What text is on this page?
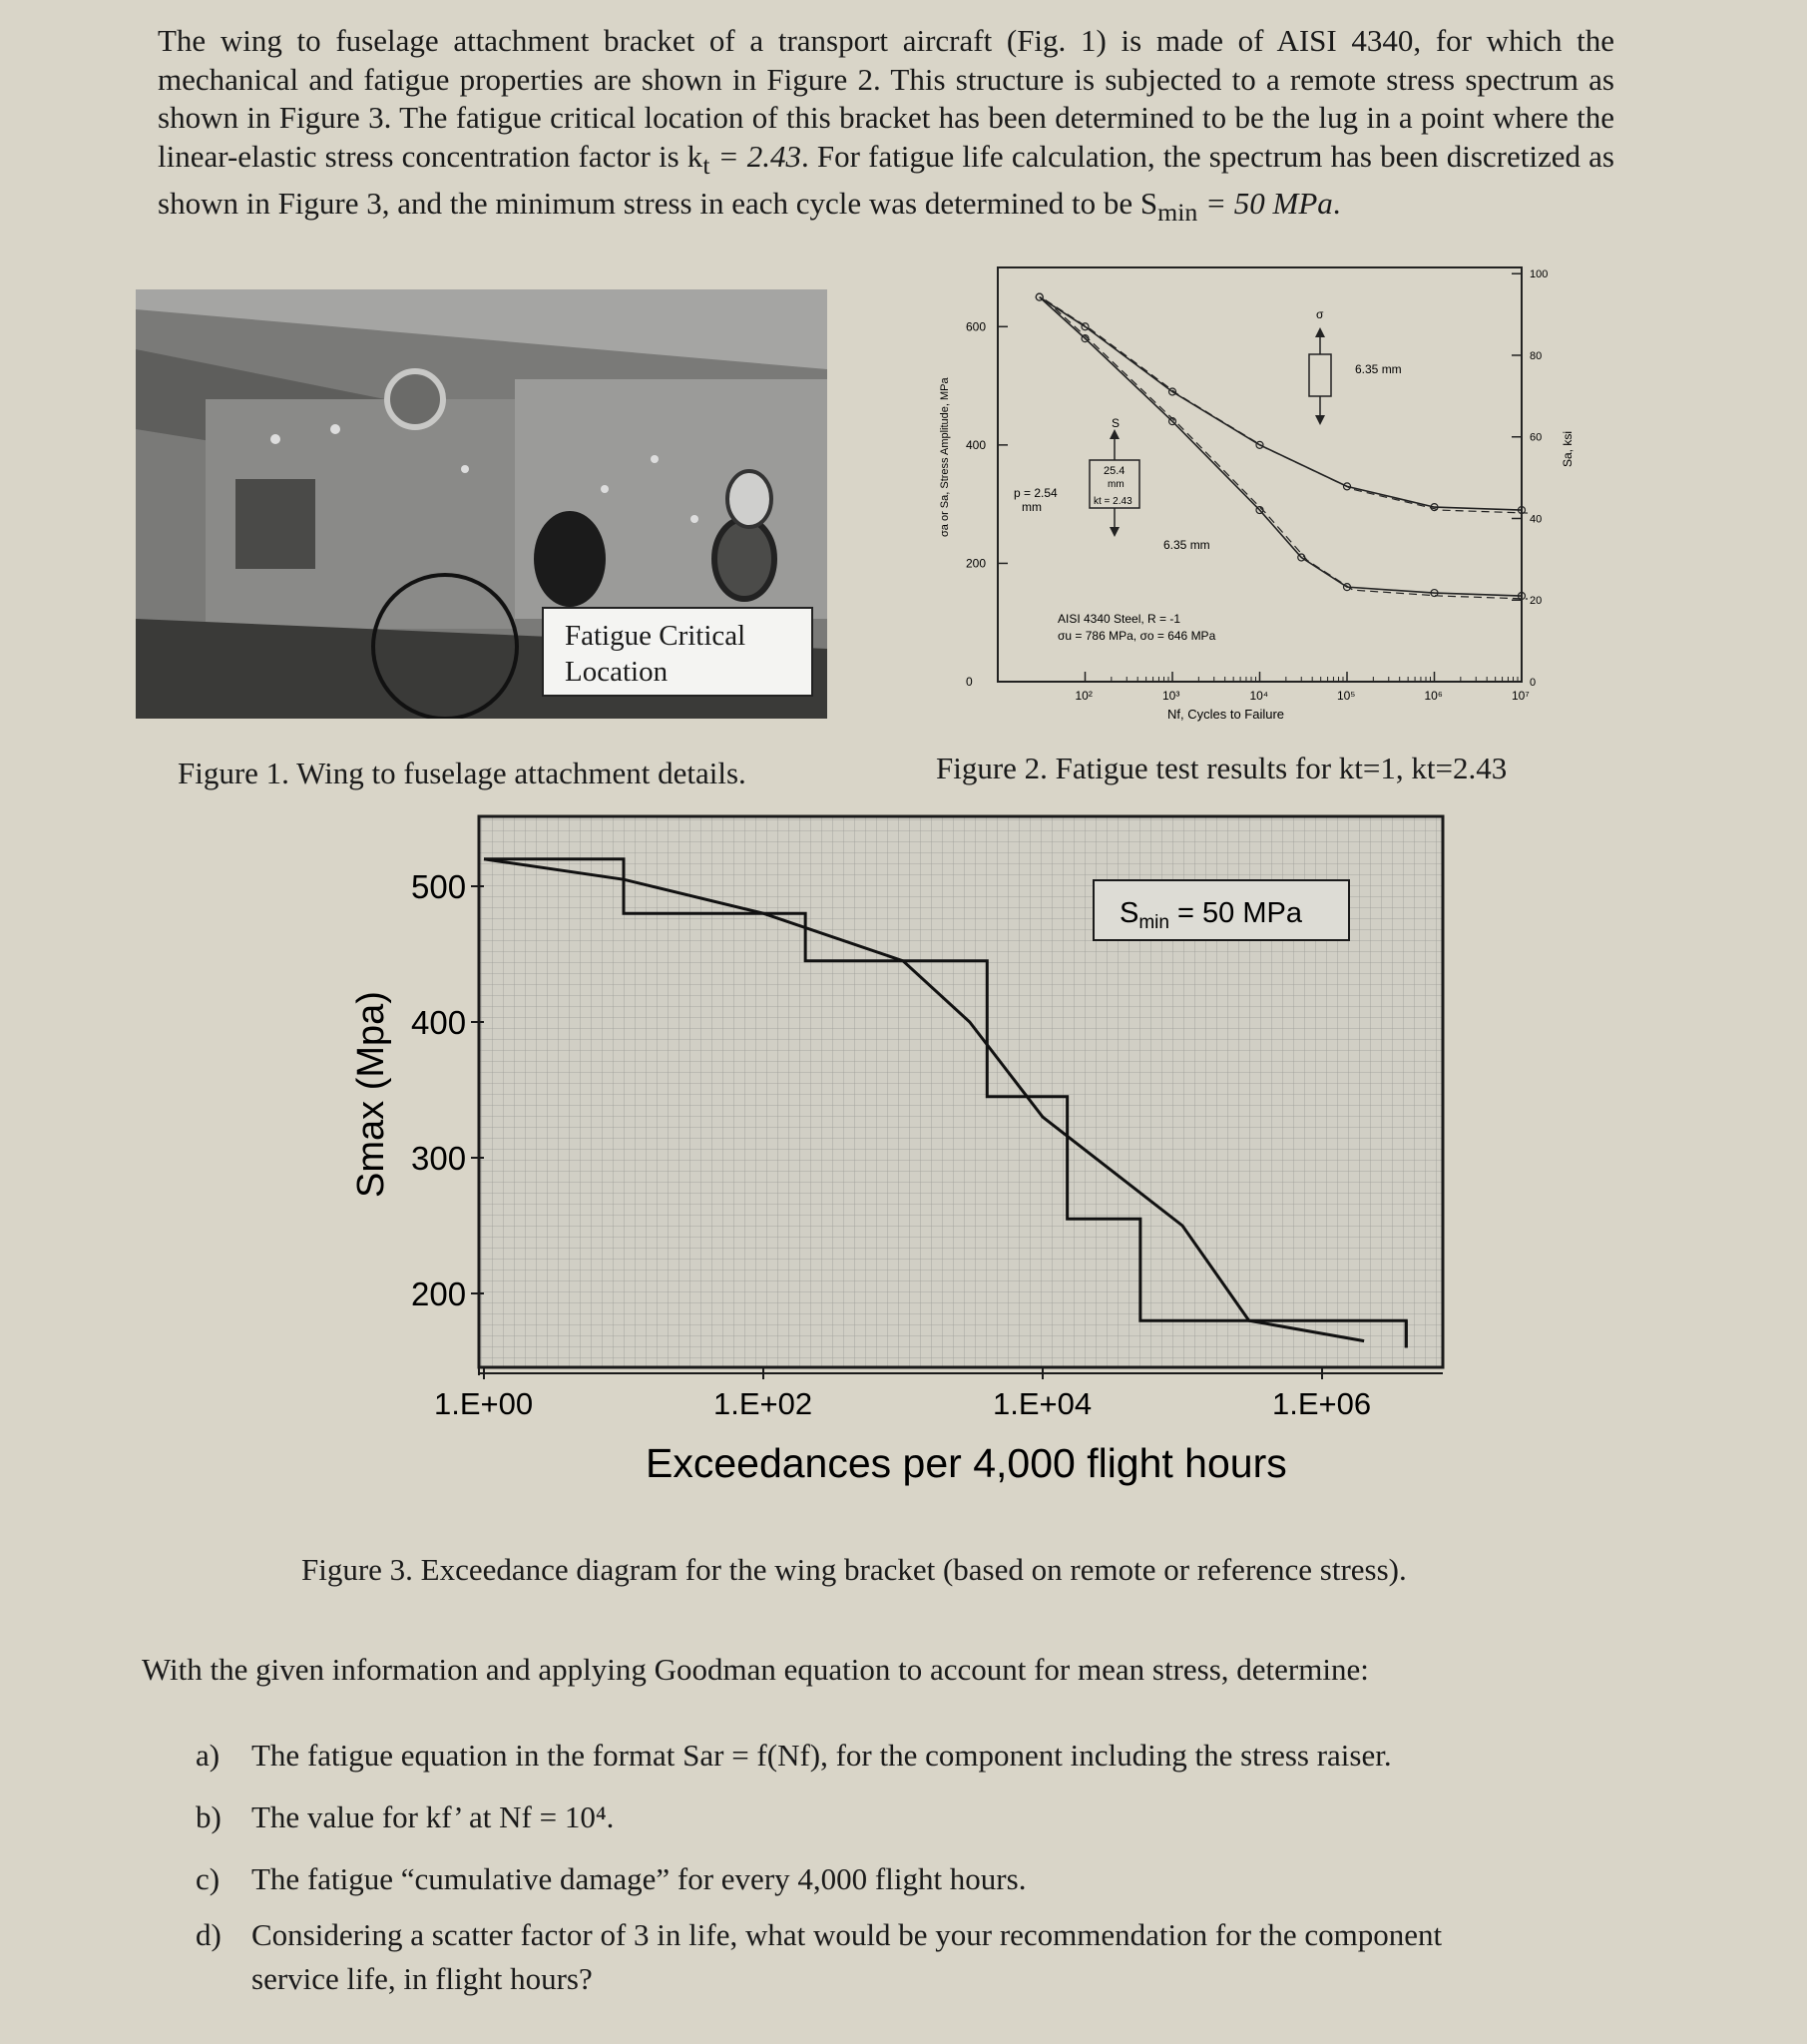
The wing to fuselage attachment bracket of a transport aircraft (Fig. 1) is made of AISI 4340, for which the mechanical and fatigue properties are shown in Figure 2. This structure is subjected to a remote stress spectrum as shown in Figure 3. The fatigue critical location of this bracket has been determined to be the lug in a point where the linear-elastic stress concentration factor is $k_t = 2.43$. For fatigue life calculation, the spectrum has been discretized as shown in Figure 3, and the minimum stress in each cycle was determined to be $S_{min} = 50$ MPa.

Fatigue Critical
Location
Figure 1. Wing to fuselage attachment details.
σa or Sa, Stress Amplitude, MPa	Sa, ksi
Nf, Cycles to Failure
AISI 4340 Steel, R = -1
σu = 786 MPa, σo = 646 MPa
600
400
200
0
100
80
60
40
20
0
10²	10³	10⁴	10⁵	10⁶	10⁷
S
25.4
mm
kt = 2.43
p = 2.54
mm
6.35 mm
σ
6.35 mm
Figure 2. Fatigue test results for kt=1, kt=2.43
Smax (Mpa)
Exceedances per 4,000 flight hours
500
400
300
200
1.E+00	1.E+02	1.E+04	1.E+06
$S_{min} = 50$ MPa
Figure 3. Exceedance diagram for the wing bracket (based on remote or reference stress).
With the given information and applying Goodman equation to account for mean stress, determine:
a) The fatigue equation in the format Sar = f(Nf), for the component including the stress raiser.
b) The value for kf’ at Nf = 10⁴.
c) The fatigue “cumulative damage” for every 4,000 flight hours.
d) Considering a scatter factor of 3 in life, what would be your recommendation for the component
service life, in flight hours?
